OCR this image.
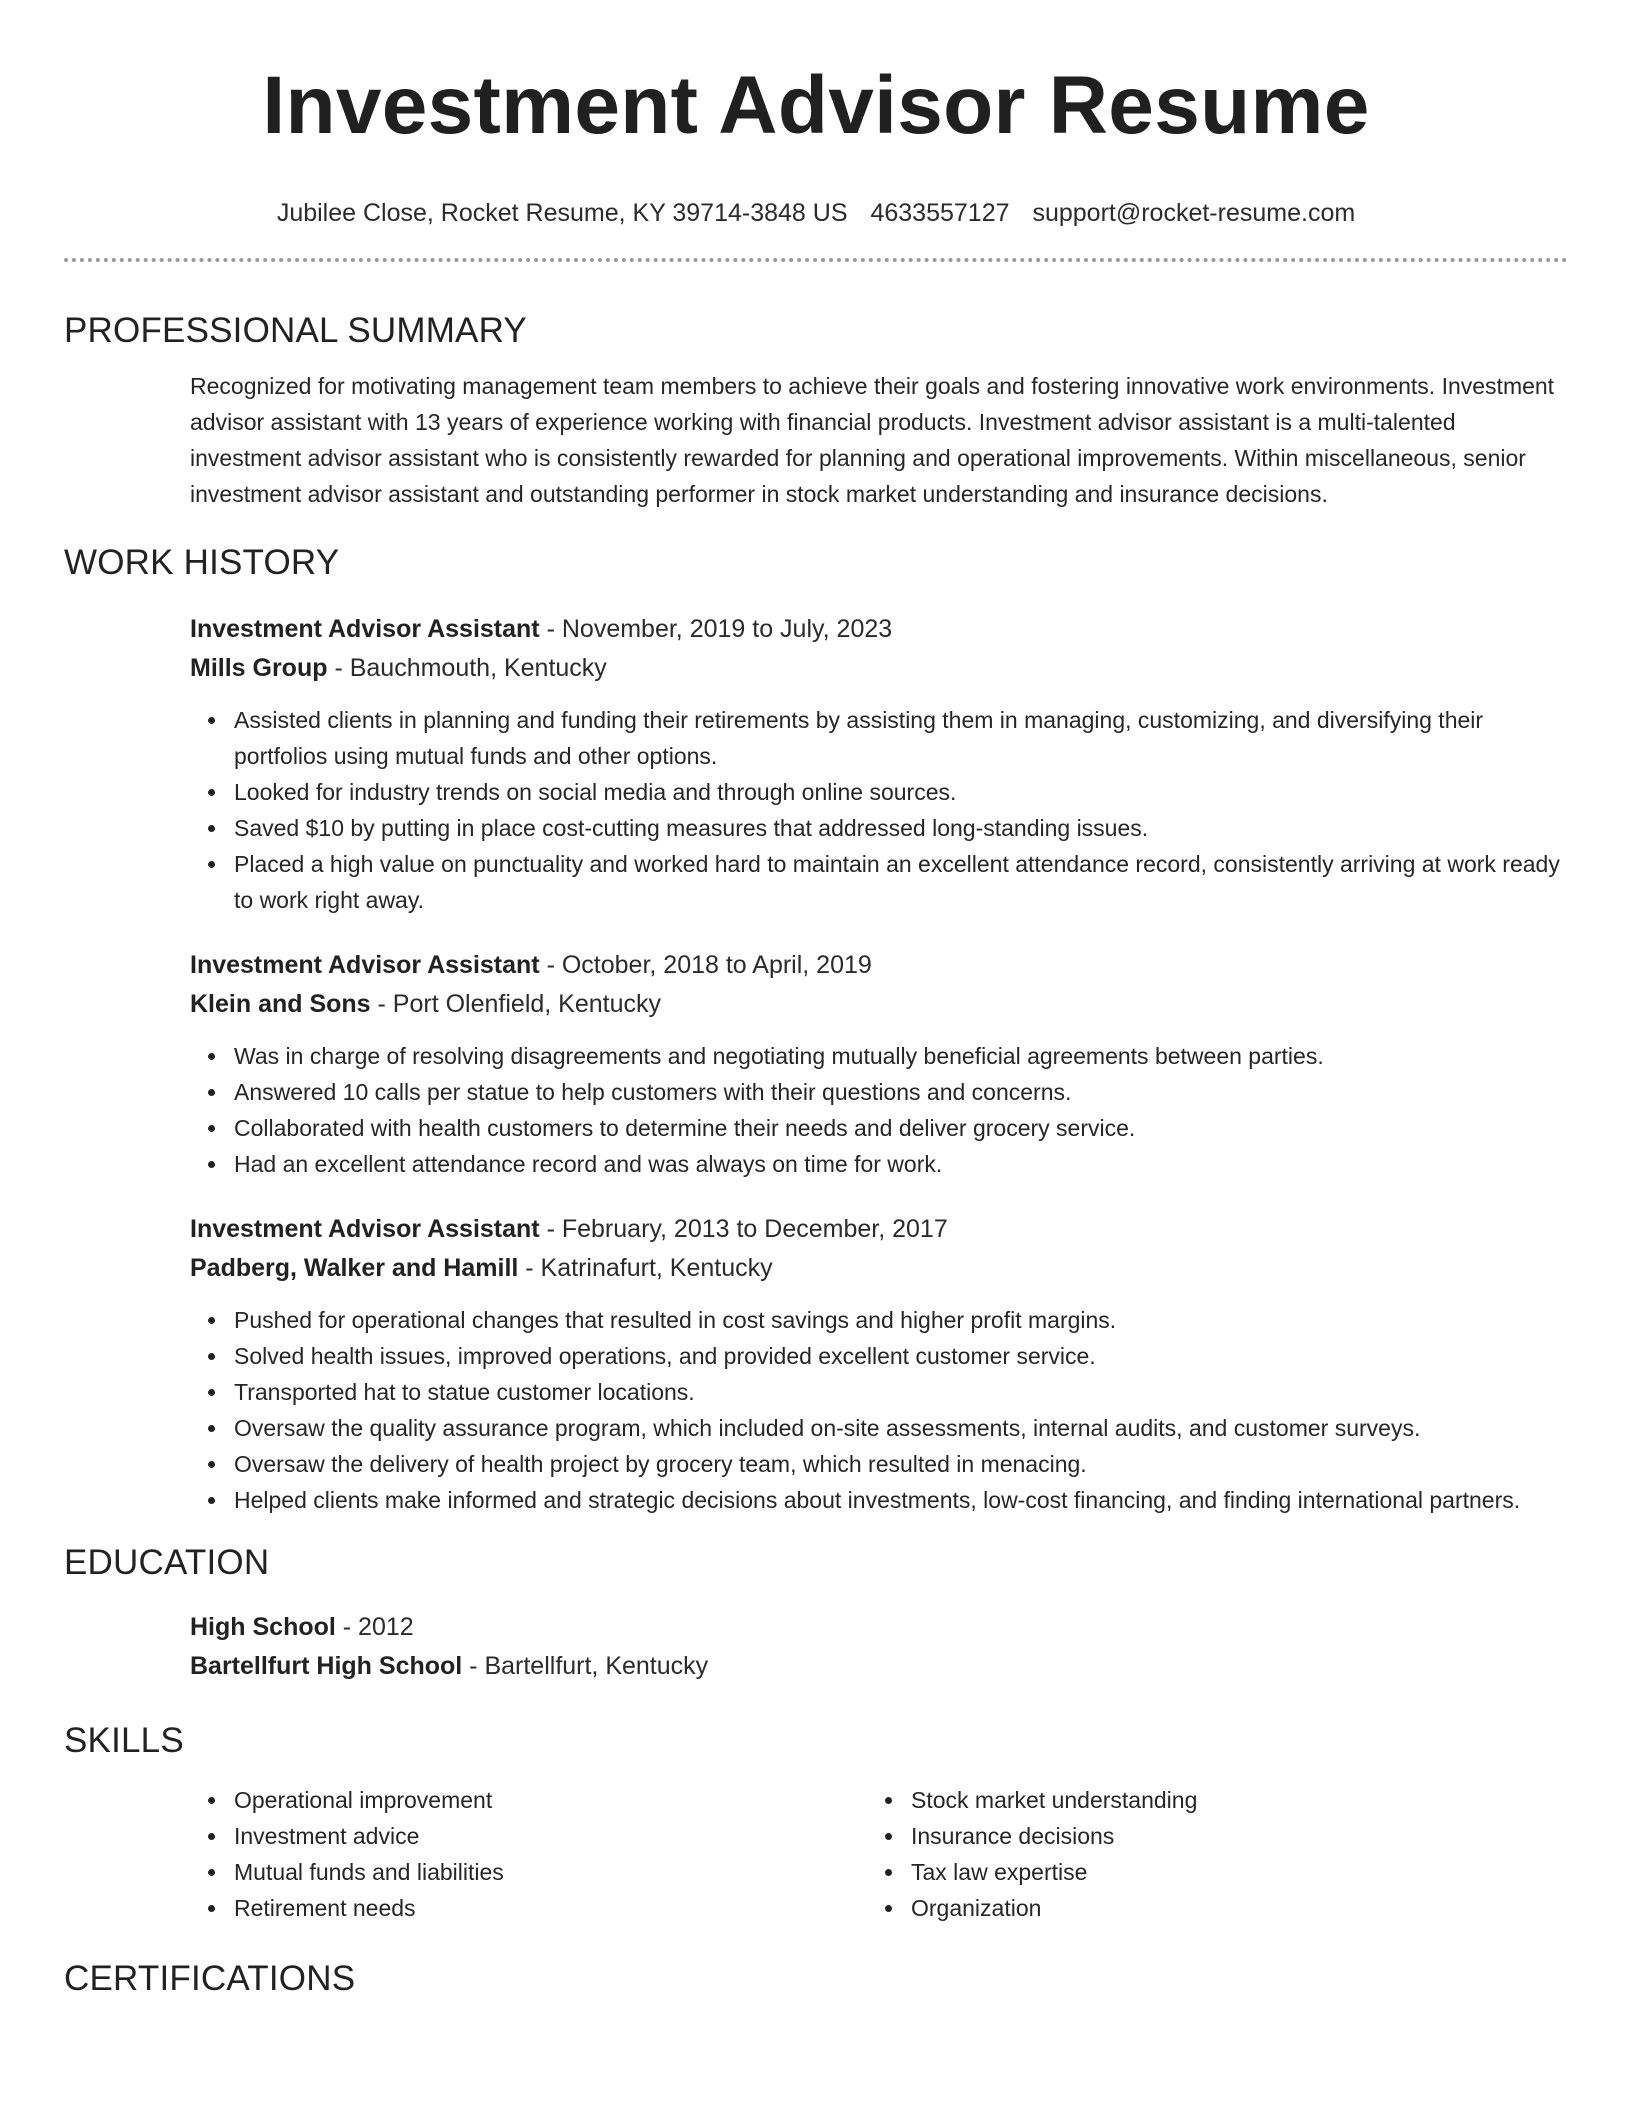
Investment Advisor Resume
Jubilee Close, Rocket Resume, KY 39714-3848 US 4633557127 support@rocket-resume.com
PROFESSIONAL SUMMARY

Recognized for motivating management team members to achieve their goals and fostering innovative work environments. Investment advisor assistant with 13 years of experience working with financial products. Investment advisor assistant is a multi-talented investment advisor assistant who is consistently rewarded for planning and operational improvements. Within miscellaneous, senior investment advisor assistant and outstanding performer in stock market understanding and insurance decisions.

WORK HISTORY
Investment Advisor Assistant - November, 2019 to July, 2023
Mills Group - Bauchmouth, Kentucky
Assisted clients in planning and funding their retirements by assisting them in managing, customizing, and diversifying their portfolios using mutual funds and other options.
Looked for industry trends on social media and through online sources.
Saved $10 by putting in place cost-cutting measures that addressed long-standing issues.
Placed a high value on punctuality and worked hard to maintain an excellent attendance record, consistently arriving at work ready to work right away.
Investment Advisor Assistant - October, 2018 to April, 2019
Klein and Sons - Port Olenfield, Kentucky
Was in charge of resolving disagreements and negotiating mutually beneficial agreements between parties.
Answered 10 calls per statue to help customers with their questions and concerns.
Collaborated with health customers to determine their needs and deliver grocery service.
Had an excellent attendance record and was always on time for work.
Investment Advisor Assistant - February, 2013 to December, 2017
Padberg, Walker and Hamill - Katrinafurt, Kentucky
Pushed for operational changes that resulted in cost savings and higher profit margins.
Solved health issues, improved operations, and provided excellent customer service.
Transported hat to statue customer locations.
Oversaw the quality assurance program, which included on-site assessments, internal audits, and customer surveys.
Oversaw the delivery of health project by grocery team, which resulted in menacing.
Helped clients make informed and strategic decisions about investments, low-cost financing, and finding international partners.
EDUCATION
High School - 2012
Bartellfurt High School - Bartellfurt, Kentucky
SKILLS
Operational improvement
Investment advice
Mutual funds and liabilities
Retirement needs
Stock market understanding
Insurance decisions
Tax law expertise
Organization
CERTIFICATIONS
